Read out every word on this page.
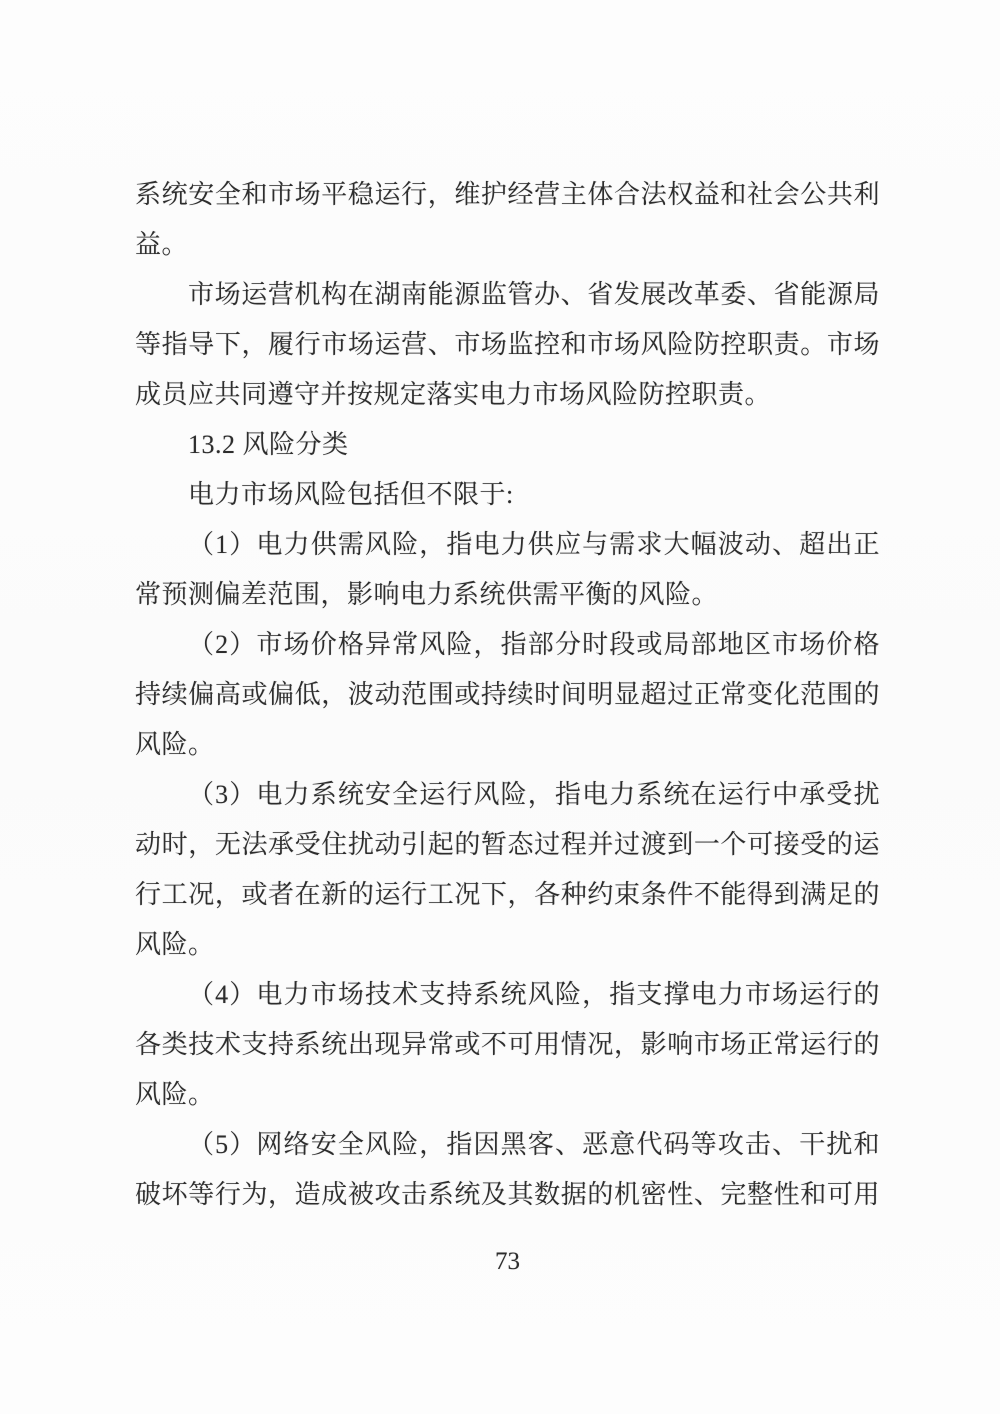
系统安全和市场平稳运行，维护经营主体合法权益和社会公共利
益。
市场运营机构在湖南能源监管办、省发展改革委、省能源局
等指导下，履行市场运营、市场监控和市场风险防控职责。市场
成员应共同遵守并按规定落实电力市场风险防控职责。
13.2 风险分类
电力市场风险包括但不限于:
（1）电力供需风险，指电力供应与需求大幅波动、超出正
常预测偏差范围，影响电力系统供需平衡的风险。
（2）市场价格异常风险，指部分时段或局部地区市场价格
持续偏高或偏低，波动范围或持续时间明显超过正常变化范围的
风险。
（3）电力系统安全运行风险，指电力系统在运行中承受扰
动时，无法承受住扰动引起的暂态过程并过渡到一个可接受的运
行工况，或者在新的运行工况下，各种约束条件不能得到满足的
风险。
（4）电力市场技术支持系统风险，指支撑电力市场运行的
各类技术支持系统出现异常或不可用情况，影响市场正常运行的
风险。
（5）网络安全风险，指因黑客、恶意代码等攻击、干扰和
破坏等行为，造成被攻击系统及其数据的机密性、完整性和可用
73
